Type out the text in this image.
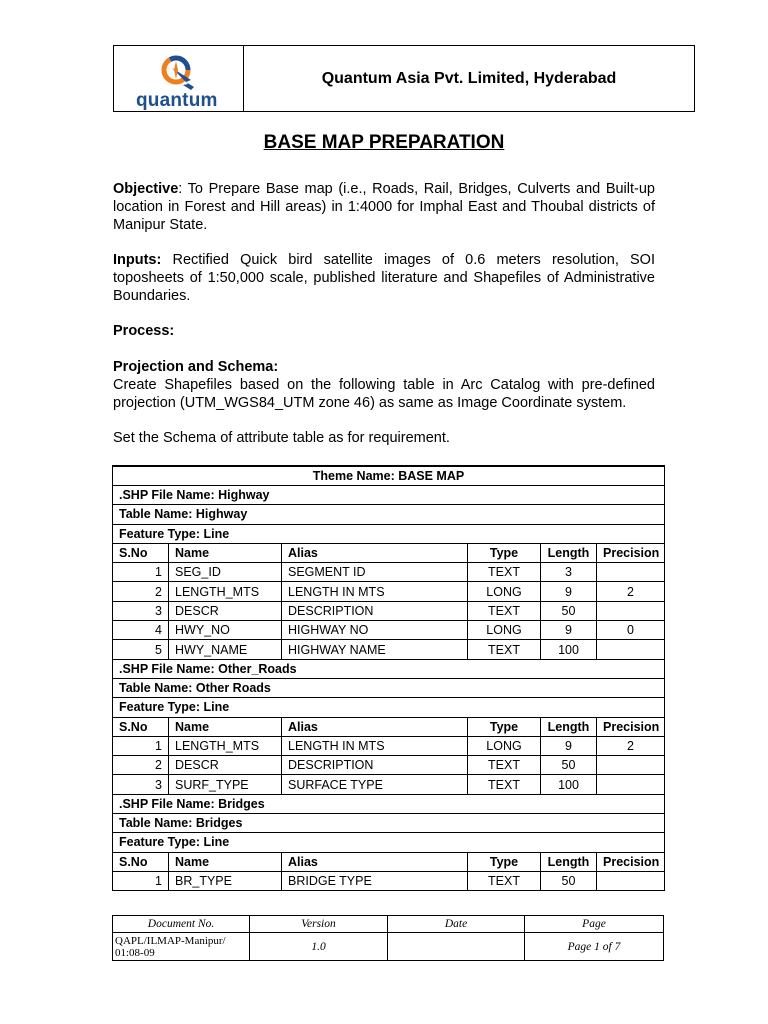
quantum
Quantum Asia Pvt. Limited, Hyderabad
BASE MAP PREPARATION
Objective: To Prepare Base map (i.e., Roads, Rail, Bridges, Culverts and Built-up location in Forest and Hill areas) in 1:4000 for Imphal East and Thoubal districts of Manipur State.
Inputs: Rectified Quick bird satellite images of 0.6 meters resolution, SOI toposheets of 1:50,000 scale, published literature and Shapefiles of Administrative Boundaries.
Process:
Projection and Schema:
Create Shapefiles based on the following table in Arc Catalog with pre-defined projection (UTM_WGS84_UTM zone 46) as same as Image Coordinate system.
Set the Schema of attribute table as for requirement.
Theme Name: BASE MAP					
.SHP File Name: Highway					
Table Name: Highway					
Feature Type: Line					
S.No	Name	Alias	Type	Length	Precision
1	SEG_ID	SEGMENT ID	TEXT	3	
2	LENGTH_MTS	LENGTH IN MTS	LONG	9	2
3	DESCR	DESCRIPTION	TEXT	50	
4	HWY_NO	HIGHWAY NO	LONG	9	0
5	HWY_NAME	HIGHWAY NAME	TEXT	100	
.SHP File Name: Other_Roads					
Table Name: Other Roads					
Feature Type: Line					
S.No	Name	Alias	Type	Length	Precision
1	LENGTH_MTS	LENGTH IN MTS	LONG	9	2
2	DESCR	DESCRIPTION	TEXT	50	
3	SURF_TYPE	SURFACE TYPE	TEXT	100	
.SHP File Name: Bridges					
Table Name: Bridges					
Feature Type: Line					
S.No	Name	Alias	Type	Length	Precision
1	BR_TYPE	BRIDGE TYPE	TEXT	50	
Document No.	Version	Date	Page
QAPL/ILMAP-Manipur/ 01:08-09	1.0		Page 1 of 7
